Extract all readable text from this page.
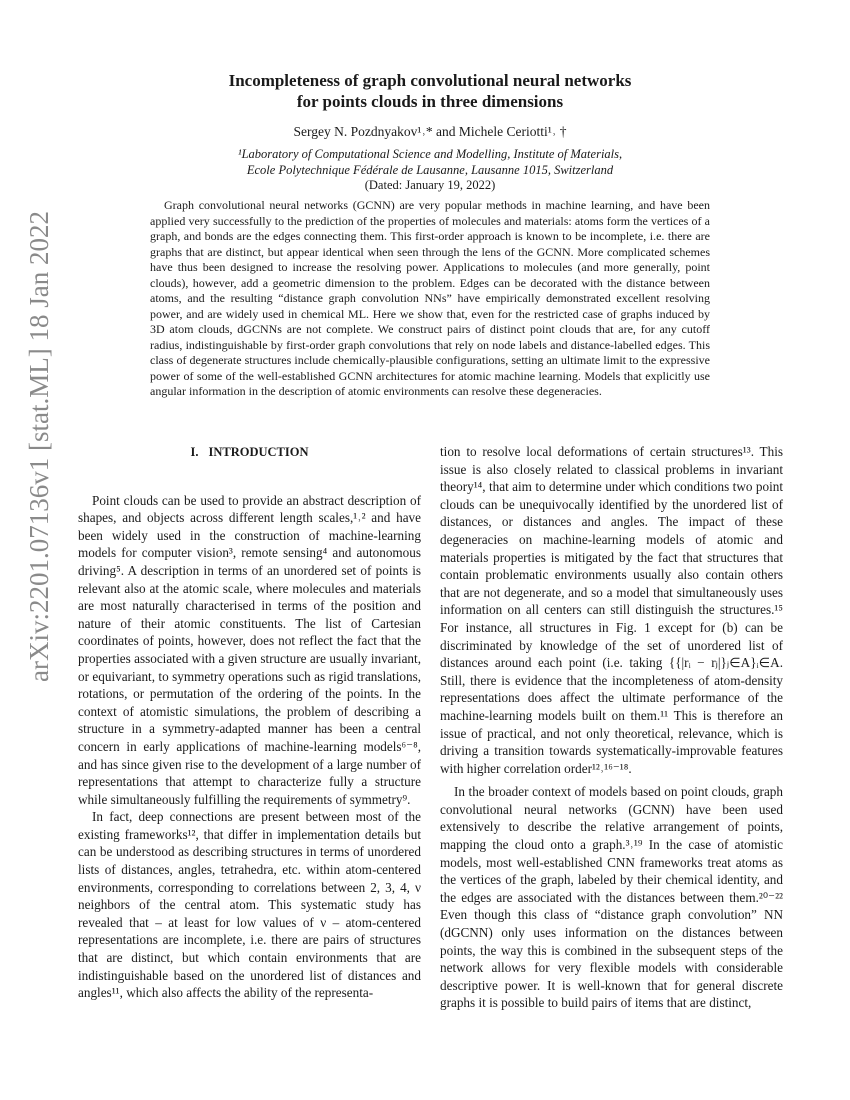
arXiv:2201.07136v1 [stat.ML] 18 Jan 2022
Incompleteness of graph convolutional neural networks
for points clouds in three dimensions
Sergey N. Pozdnyakov¹˒* and Michele Ceriotti¹˒ †
¹Laboratory of Computational Science and Modelling, Institute of Materials,
Ecole Polytechnique Fédérale de Lausanne, Lausanne 1015, Switzerland
(Dated: January 19, 2022)
Graph convolutional neural networks (GCNN) are very popular methods in machine learning, and have been applied very successfully to the prediction of the properties of molecules and materials: atoms form the vertices of a graph, and bonds are the edges connecting them. This first-order approach is known to be incomplete, i.e. there are graphs that are distinct, but appear identical when seen through the lens of the GCNN. More complicated schemes have thus been designed to increase the resolving power. Applications to molecules (and more generally, point clouds), however, add a geometric dimension to the problem. Edges can be decorated with the distance between atoms, and the resulting “distance graph convolution NNs” have empirically demonstrated excellent resolving power, and are widely used in chemical ML. Here we show that, even for the restricted case of graphs induced by 3D atom clouds, dGCNNs are not complete. We construct pairs of distinct point clouds that are, for any cutoff radius, indistinguishable by first-order graph convolutions that rely on node labels and distance-labelled edges. This class of degenerate structures include chemically-plausible configurations, setting an ultimate limit to the expressive power of some of the well-established GCNN architectures for atomic machine learning. Models that explicitly use angular information in the description of atomic environments can resolve these degeneracies.
I. INTRODUCTION

Point clouds can be used to provide an abstract description of shapes, and objects across different length scales,¹˒² and have been widely used in the construction of machine-learning models for computer vision³, remote sensing⁴ and autonomous driving⁵. A description in terms of an unordered set of points is relevant also at the atomic scale, where molecules and materials are most naturally characterised in terms of the position and nature of their atomic constituents. The list of Cartesian coordinates of points, however, does not reflect the fact that the properties associated with a given structure are usually invariant, or equivariant, to symmetry operations such as rigid translations, rotations, or permutation of the ordering of the points. In the context of atomistic simulations, the problem of describing a structure in a symmetry-adapted manner has been a central concern in early applications of machine-learning models⁶⁻⁸, and has since given rise to the development of a large number of representations that attempt to characterize fully a structure while simultaneously fulfilling the requirements of symmetry⁹.

In fact, deep connections are present between most of the existing frameworks¹², that differ in implementation details but can be understood as describing structures in terms of unordered lists of distances, angles, tetrahedra, etc. within atom-centered environments, corresponding to correlations between 2, 3, 4, ν neighbors of the central atom. This systematic study has revealed that – at least for low values of ν – atom-centered representations are incomplete, i.e. there are pairs of structures that are distinct, but which contain environments that are indistinguishable based on the unordered list of distances and angles¹¹, which also affects the ability of the representa-

tion to resolve local deformations of certain structures¹³. This issue is also closely related to classical problems in invariant theory¹⁴, that aim to determine under which conditions two point clouds can be unequivocally identified by the unordered list of distances, or distances and angles. The impact of these degeneracies on machine-learning models of atomic and materials properties is mitigated by the fact that structures that contain problematic environments usually also contain others that are not degenerate, and so a model that simultaneously uses information on all centers can still distinguish the structures.¹⁵ For instance, all structures in Fig. 1 except for (b) can be discriminated by knowledge of the set of unordered list of distances around each point (i.e. taking {{|rᵢ − rⱼ|}ⱼ∈A}ᵢ∈A. Still, there is evidence that the incompleteness of atom-density representations does affect the ultimate performance of the machine-learning models built on them.¹¹ This is therefore an issue of practical, and not only theoretical, relevance, which is driving a transition towards systematically-improvable features with higher correlation order¹²˒¹⁶⁻¹⁸.

In the broader context of models based on point clouds, graph convolutional neural networks (GCNN) have been used extensively to describe the relative arrangement of points, mapping the cloud onto a graph.³˒¹⁹ In the case of atomistic models, most well-established CNN frameworks treat atoms as the vertices of the graph, labeled by their chemical identity, and the edges are associated with the distances between them.²⁰⁻²² Even though this class of “distance graph convolution” NN (dGCNN) only uses information on the distances between points, the way this is combined in the subsequent steps of the network allows for very flexible models with considerable descriptive power. It is well-known that for general discrete graphs it is possible to build pairs of items that are distinct,
